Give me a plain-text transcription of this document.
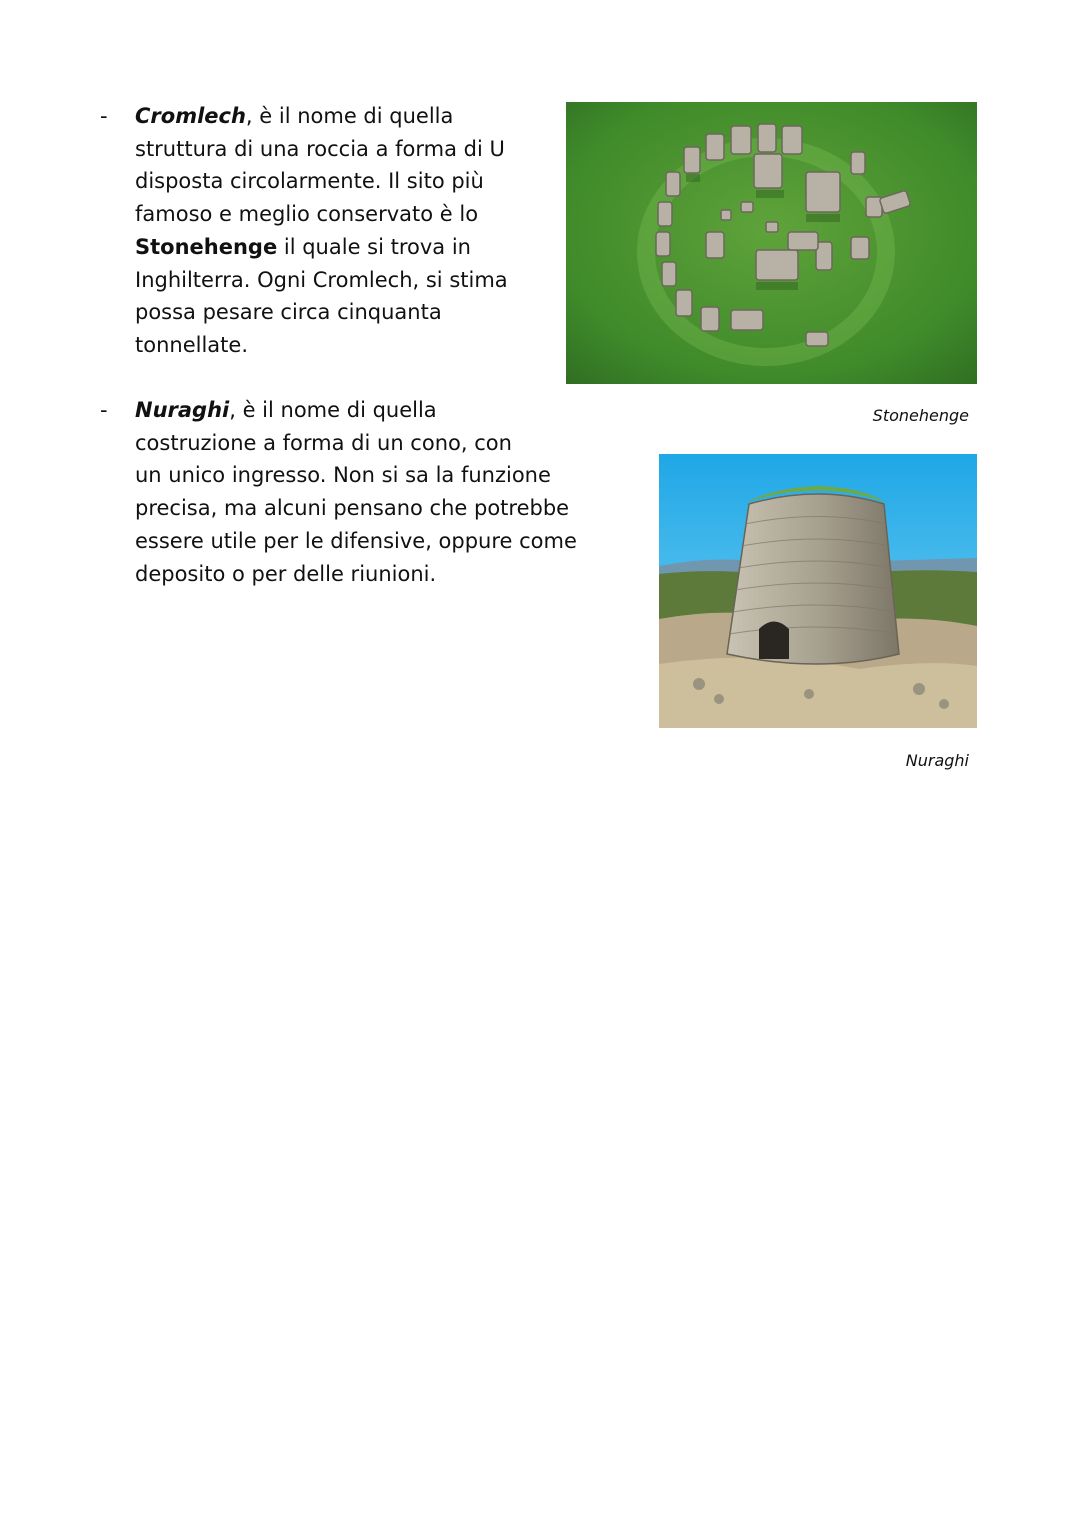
- Cromlech, è il nome di quella
struttura di una roccia a forma di U
disposta circolarmente. Il sito più
famoso e meglio conservato è lo
Stonehenge il quale si trova in
Inghilterra. Ogni Cromlech, si stima
possa pesare circa cinquanta
tonnellate.
- Nuraghi, è il nome di quella
costruzione a forma di un cono, con
un unico ingresso. Non si sa la funzione
precisa, ma alcuni pensano che potrebbe
essere utile per le difensive, oppure come
deposito o per delle riunioni.
Stonehenge
Nuraghi
